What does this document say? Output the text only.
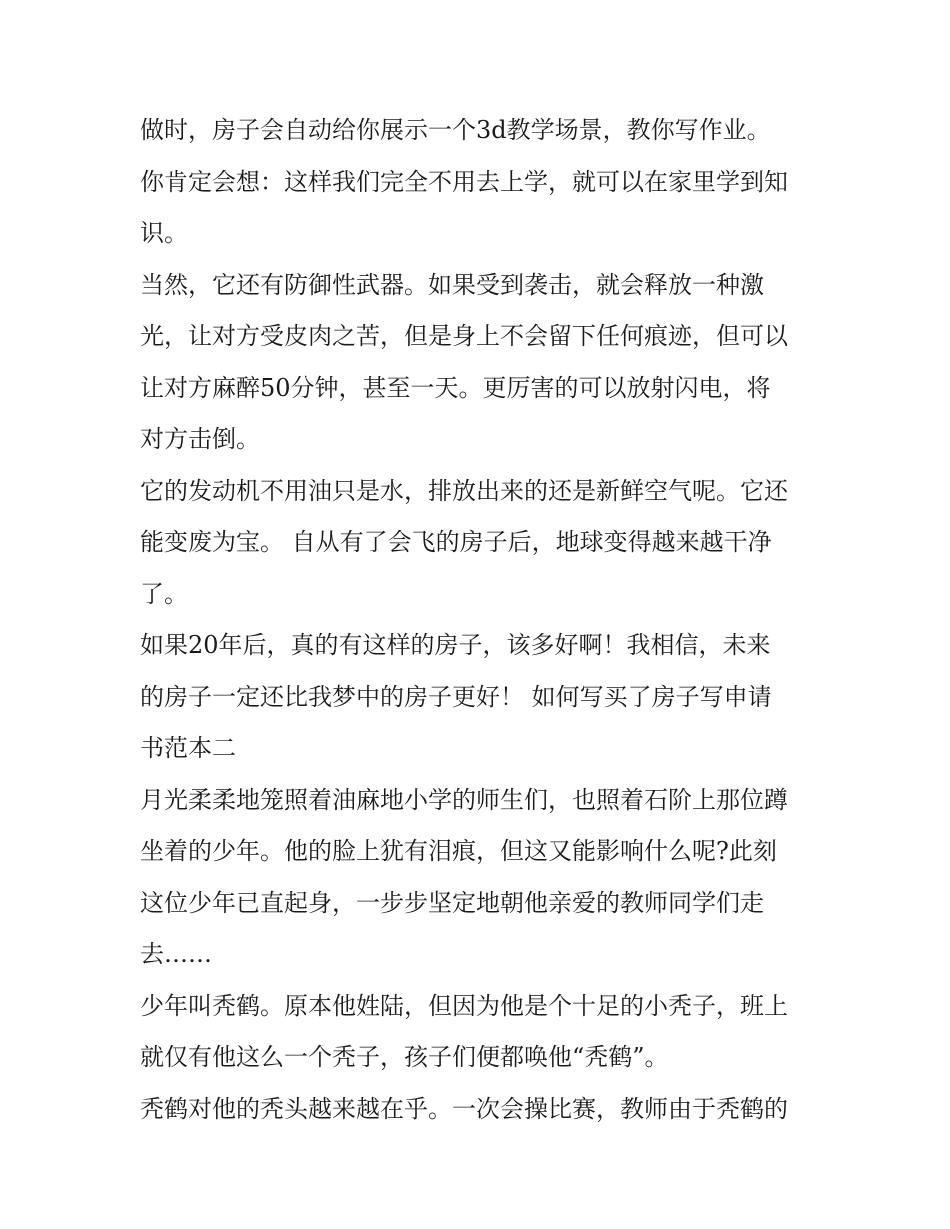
做时，房子会自动给你展示一个3d教学场景，教你写作业。
你肯定会想：这样我们完全不用去上学，就可以在家里学到知
识。
当然，它还有防御性武器。如果受到袭击，就会释放一种激
光，让对方受皮肉之苦，但是身上不会留下任何痕迹，但可以
让对方麻醉50分钟，甚至一天。更厉害的可以放射闪电，将
对方击倒。
它的发动机不用油只是水，排放出来的还是新鲜空气呢。它还
能变废为宝。 自从有了会飞的房子后，地球变得越来越干净
了。
如果20年后，真的有这样的房子，该多好啊！我相信，未来
的房子一定还比我梦中的房子更好！ 如何写买了房子写申请
书范本二
月光柔柔地笼照着油麻地小学的师生们，也照着石阶上那位蹲
坐着的少年。他的脸上犹有泪痕，但这又能影响什么呢?此刻
这位少年已直起身，一步步坚定地朝他亲爱的教师同学们走
去……
少年叫秃鹤。原本他姓陆，但因为他是个十足的小秃子，班上
就仅有他这么一个秃子，孩子们便都唤他“秃鹤”。
秃鹤对他的秃头越来越在乎。一次会操比赛，教师由于秃鹤的
